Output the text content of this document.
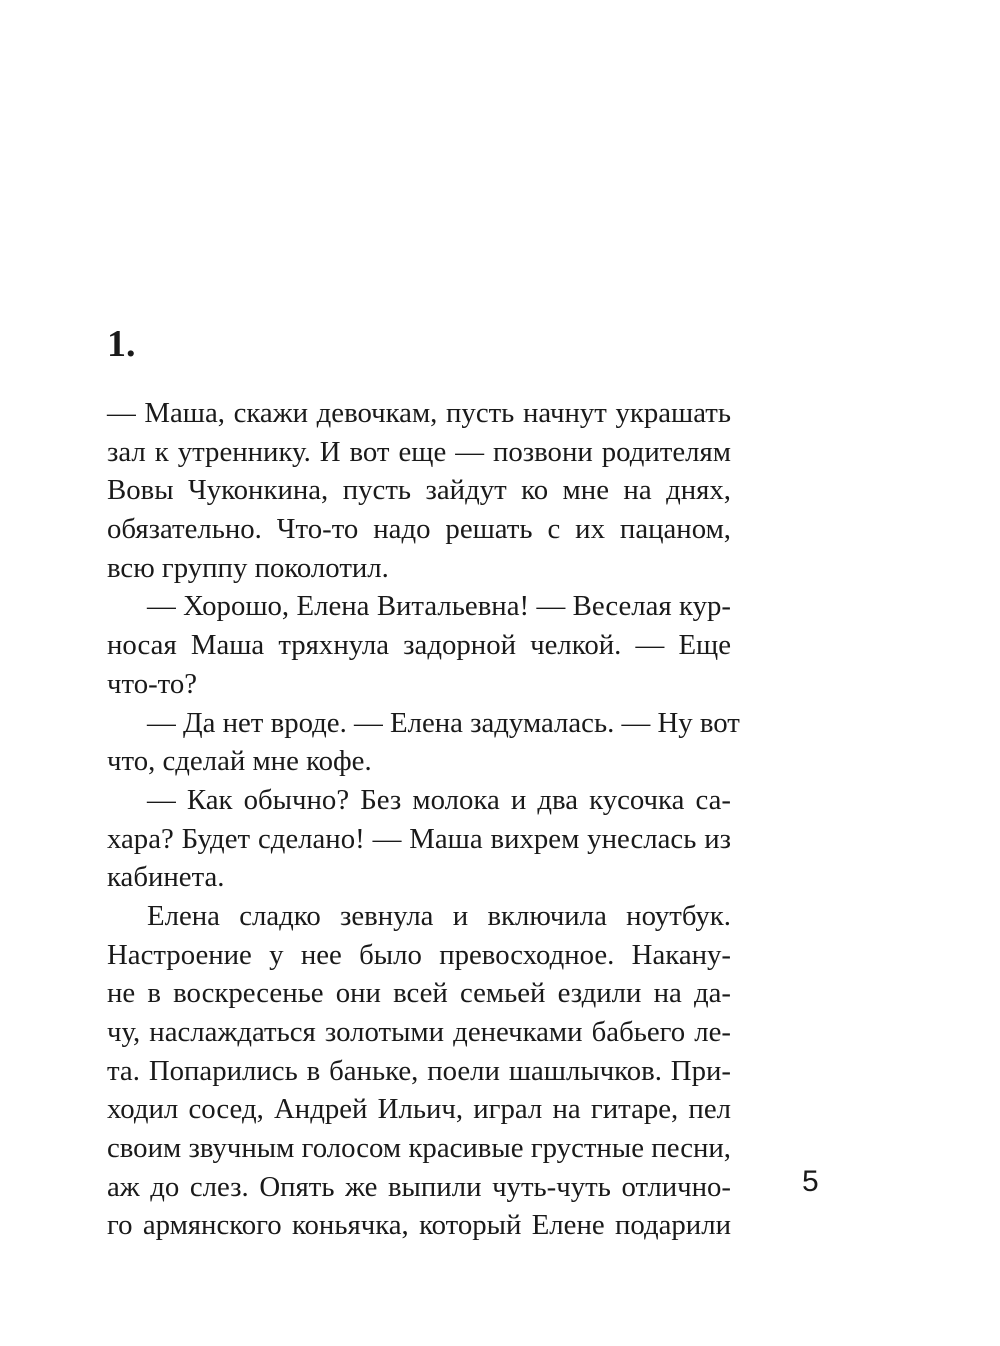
1.
— Маша, скажи девочкам, пусть начнут украшать
зал к утреннику. И вот еще — позвони родителям
Вовы Чуконкина, пусть зайдут ко мне на днях,
обязательно. Что-то надо решать с их пацаном,
всю группу поколотил.
— Хорошо, Елена Витальевна! — Веселая кур-
носая Маша тряхнула задорной челкой. — Еще
что-то?
— Да нет вроде. — Елена задумалась. — Ну вот
что, сделай мне кофе.
— Как обычно? Без молока и два кусочка са-
хара? Будет сделано! — Маша вихрем унеслась из
кабинета.
Елена сладко зевнула и включила ноутбук.
Настроение у нее было превосходное. Накану-
не в воскресенье они всей семьей ездили на да-
чу, наслаждаться золотыми денечками бабьего ле-
та. Попарились в баньке, поели шашлычков. При-
ходил сосед, Андрей Ильич, играл на гитаре, пел
своим звучным голосом красивые грустные песни,
аж до слез. Опять же выпили чуть-чуть отлично-
го армянского коньячка, который Елене подарили
5
